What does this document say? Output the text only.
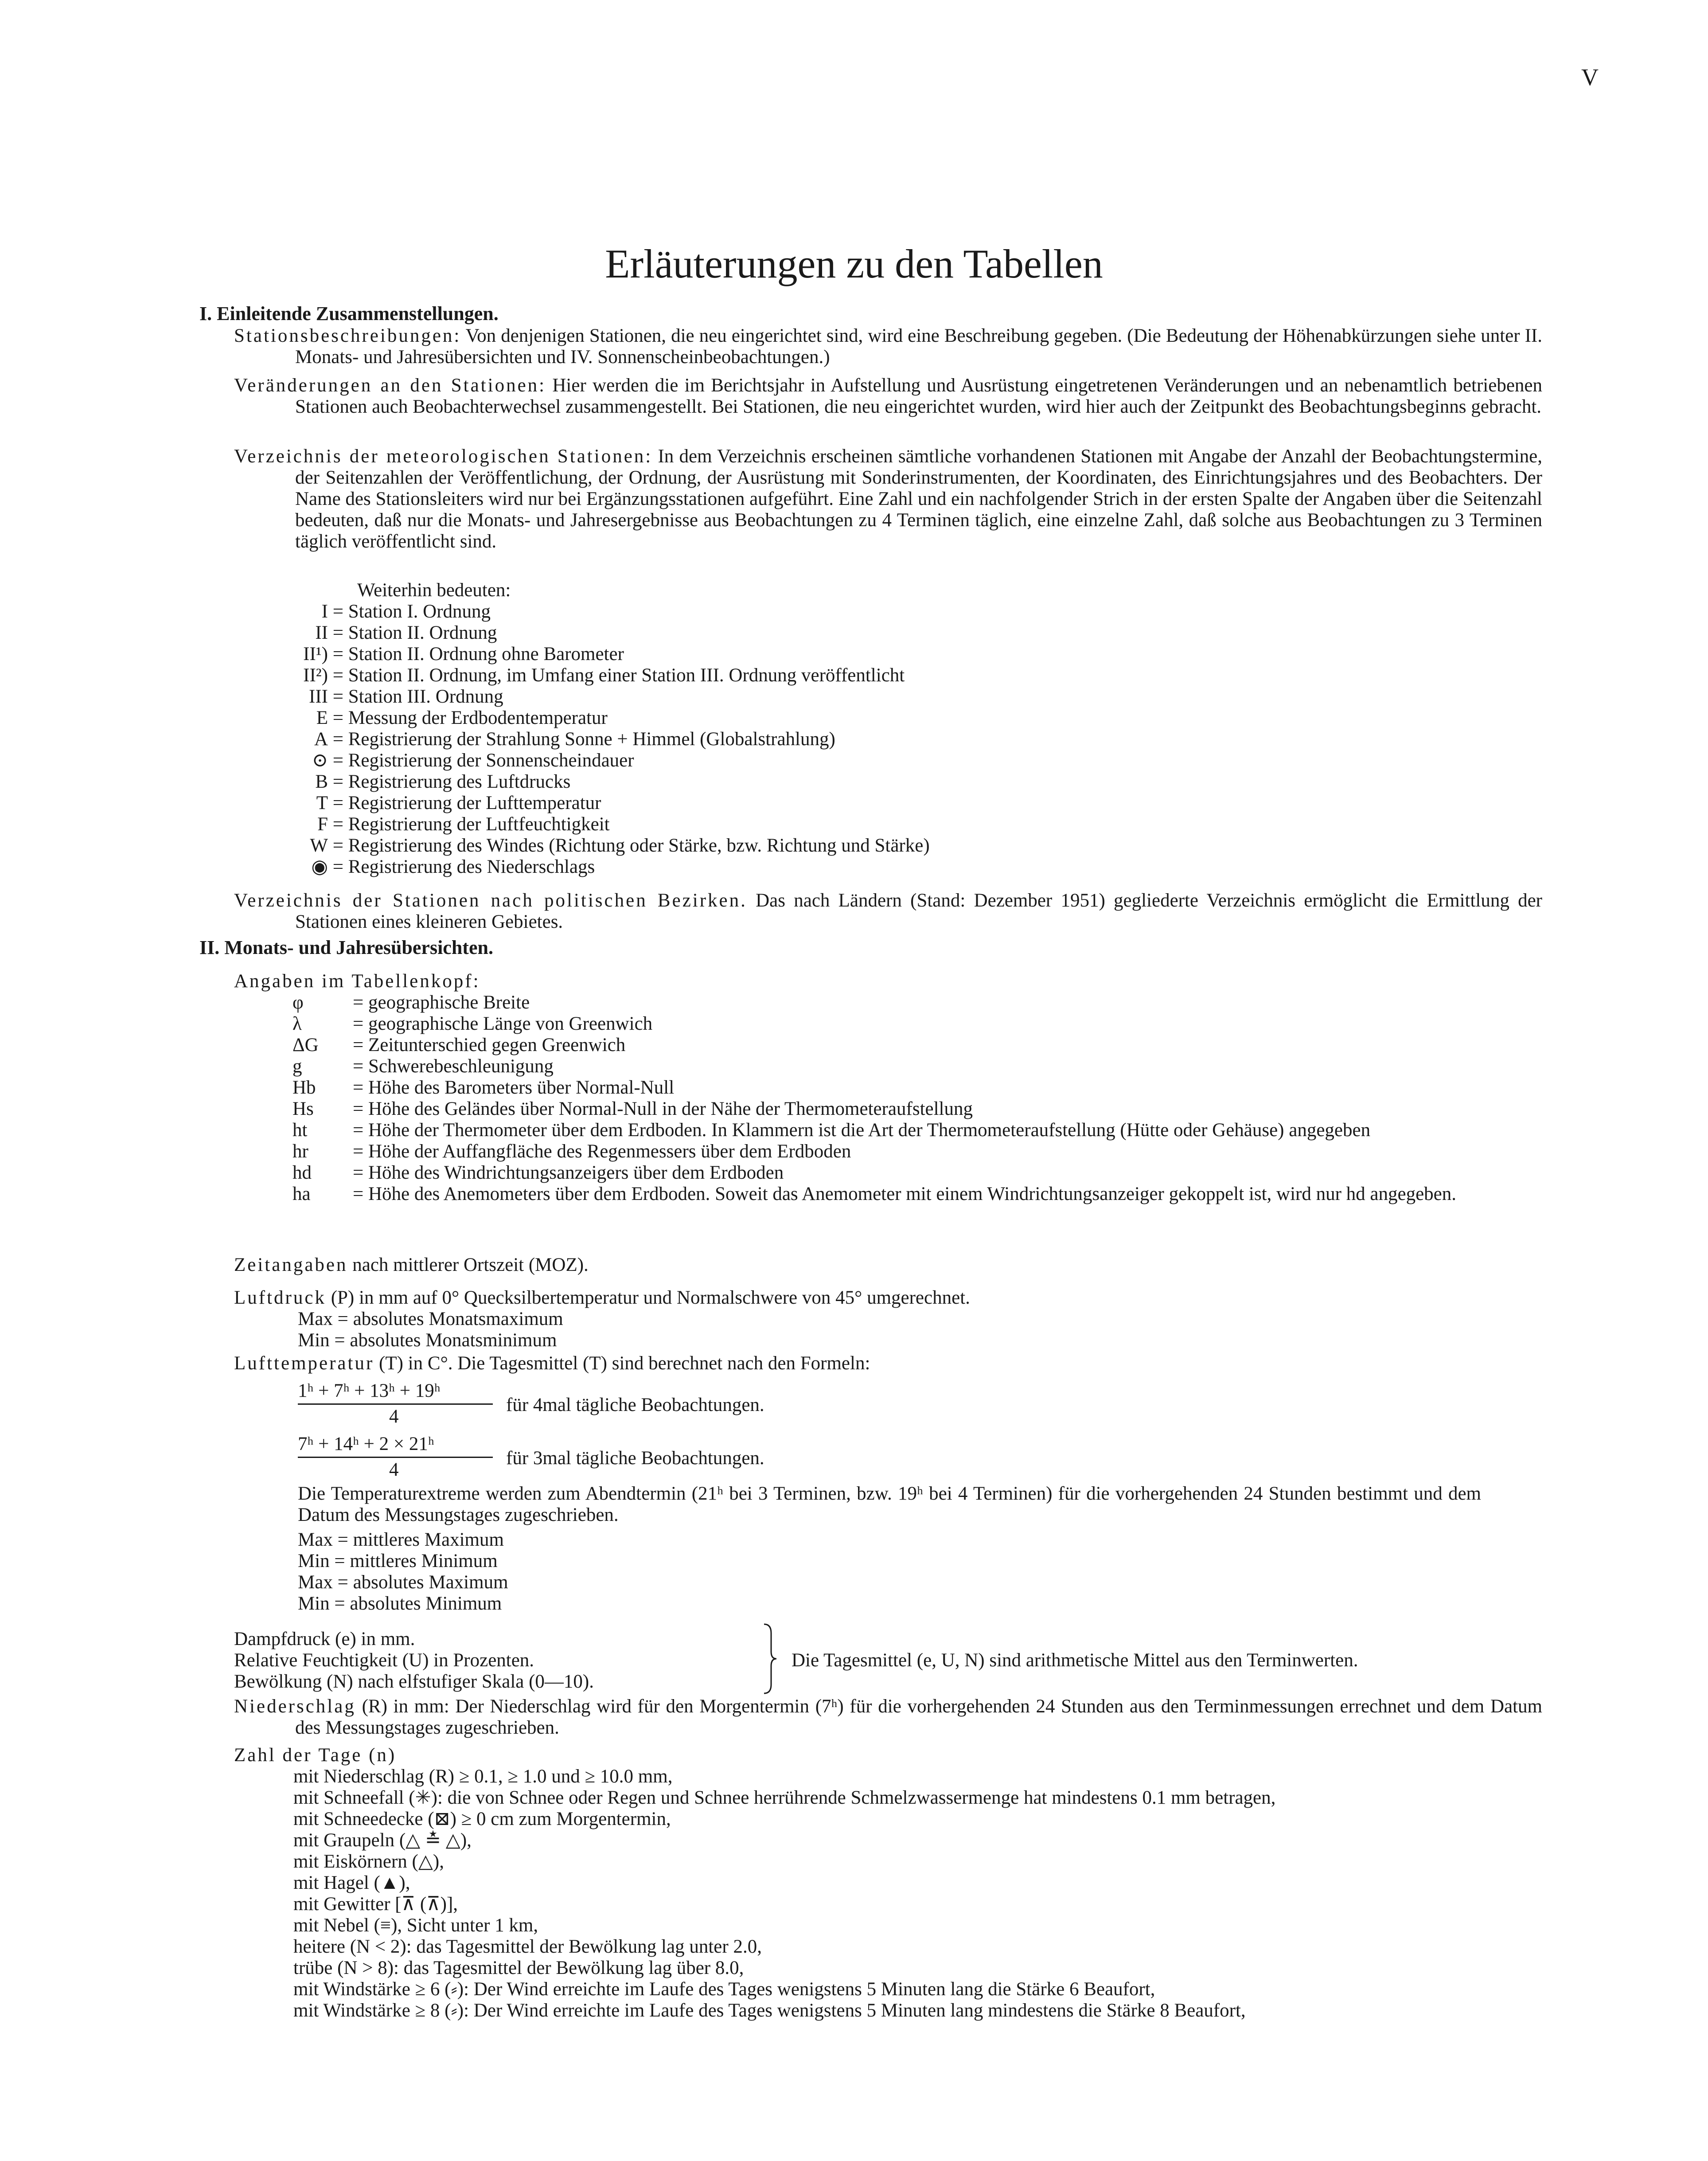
V
Erläuterungen zu den Tabellen
I. Einleitende Zusammenstellungen.
Stationsbeschreibungen: Von denjenigen Stationen, die neu eingerichtet sind, wird eine Beschreibung gegeben. (Die Bedeutung der Höhenabkürzungen siehe unter II. Monats- und Jahresübersichten und IV. Sonnenscheinbeobachtungen.)
Veränderungen an den Stationen: Hier werden die im Berichtsjahr in Aufstellung und Ausrüstung eingetretenen Veränderungen und an nebenamtlich betriebenen Stationen auch Beobachterwechsel zusammengestellt. Bei Stationen, die neu eingerichtet wurden, wird hier auch der Zeitpunkt des Beobachtungsbeginns gebracht.
Verzeichnis der meteorologischen Stationen: In dem Verzeichnis erscheinen sämtliche vorhandenen Stationen mit Angabe der Anzahl der Beobachtungstermine, der Seitenzahlen der Veröffentlichung, der Ordnung, der Ausrüstung mit Sonderinstrumenten, der Koordinaten, des Einrichtungsjahres und des Beobachters. Der Name des Stationsleiters wird nur bei Ergänzungsstationen aufgeführt. Eine Zahl und ein nachfolgender Strich in der ersten Spalte der Angaben über die Seitenzahl bedeuten, daß nur die Monats- und Jahresergebnisse aus Beobachtungen zu 4 Terminen täglich, eine einzelne Zahl, daß solche aus Beobachtungen zu 3 Terminen täglich veröffentlicht sind.
Weiterhin bedeuten:
I = Station I. Ordnung
II = Station II. Ordnung
II¹) = Station II. Ordnung ohne Barometer
II²) = Station II. Ordnung, im Umfang einer Station III. Ordnung veröffentlicht
III = Station III. Ordnung
E = Messung der Erdbodentemperatur
A = Registrierung der Strahlung Sonne + Himmel (Globalstrahlung)
⊙ = Registrierung der Sonnenscheindauer
B = Registrierung des Luftdrucks
T = Registrierung der Lufttemperatur
F = Registrierung der Luftfeuchtigkeit
W = Registrierung des Windes (Richtung oder Stärke, bzw. Richtung und Stärke)
◉ = Registrierung des Niederschlags
Verzeichnis der Stationen nach politischen Bezirken. Das nach Ländern (Stand: Dezember 1951) gegliederte Verzeichnis ermöglicht die Ermittlung der Stationen eines kleineren Gebietes.
II. Monats- und Jahresübersichten.
Angaben im Tabellenkopf:
φ	= geographische Breite
λ	= geographische Länge von Greenwich
ΔG = Zeitunterschied gegen Greenwich
g	= Schwerebeschleunigung
Hb = Höhe des Barometers über Normal-Null
Hs = Höhe des Geländes über Normal-Null in der Nähe der Thermometeraufstellung
ht = Höhe der Thermometer über dem Erdboden. In Klammern ist die Art der Thermometeraufstellung (Hütte oder Gehäuse) angegeben
hr = Höhe der Auffangfläche des Regenmessers über dem Erdboden
hd = Höhe des Windrichtungsanzeigers über dem Erdboden
ha = Höhe des Anemometers über dem Erdboden. Soweit das Anemometer mit einem Windrichtungsanzeiger gekoppelt ist, wird nur hd angegeben.
Zeitangaben nach mittlerer Ortszeit (MOZ).
Luftdruck (P) in mm auf 0° Quecksilbertemperatur und Normalschwere von 45° umgerechnet.
Max = absolutes Monatsmaximum
Min = absolutes Monatsminimum
Lufttemperatur (T) in C°. Die Tagesmittel (T) sind berechnet nach den Formeln:
1ʰ + 7ʰ + 13ʰ + 19ʰ
4
für 4mal tägliche Beobachtungen.
7ʰ + 14ʰ + 2 × 21ʰ
4
für 3mal tägliche Beobachtungen.
Die Temperaturextreme werden zum Abendtermin (21ʰ bei 3 Terminen, bzw. 19ʰ bei 4 Terminen) für die vorhergehenden 24 Stunden bestimmt und dem Datum des Messungstages zugeschrieben.
Max = mittleres Maximum
Min = mittleres Minimum
Max = absolutes Maximum
Min = absolutes Minimum
Dampfdruck (e) in mm.
Relative Feuchtigkeit (U) in Prozenten.
Bewölkung (N) nach elfstufiger Skala (0—10).
Die Tagesmittel (e, U, N) sind arithmetische Mittel aus den Terminwerten.
Niederschlag (R) in mm: Der Niederschlag wird für den Morgentermin (7ʰ) für die vorhergehenden 24 Stunden aus den Terminmessungen errechnet und dem Datum des Messungstages zugeschrieben.
Zahl der Tage (n)
mit Niederschlag (R) ≥ 0.1, ≥ 1.0 und ≥ 10.0 mm,
mit Schneefall (✳): die von Schnee oder Regen und Schnee herrührende Schmelzwassermenge hat mindestens 0.1 mm betragen,
mit Schneedecke (⊠) ≥ 0 cm zum Morgentermin,
mit Graupeln (△ ≛ △),
mit Eiskörnern (△),
mit Hagel (▲),
mit Gewitter [⊼ (⊼)],
mit Nebel (≡), Sicht unter 1 km,
heitere (N < 2): das Tagesmittel der Bewölkung lag unter 2.0,
trübe (N > 8): das Tagesmittel der Bewölkung lag über 8.0,
mit Windstärke ≥ 6 (⸗): Der Wind erreichte im Laufe des Tages wenigstens 5 Minuten lang die Stärke 6 Beaufort,
mit Windstärke ≥ 8 (⸗): Der Wind erreichte im Laufe des Tages wenigstens 5 Minuten lang mindestens die Stärke 8 Beaufort,
